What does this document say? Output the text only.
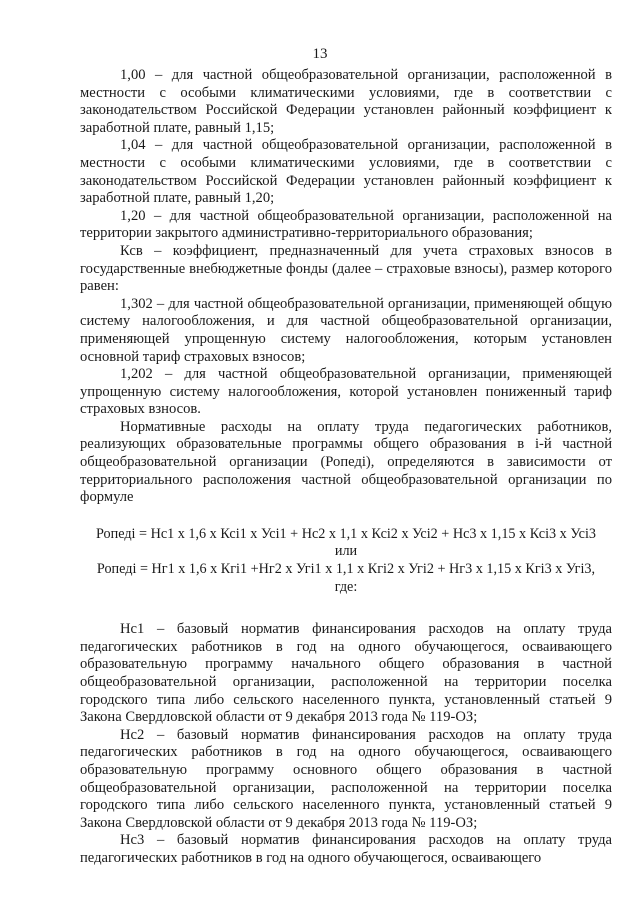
13

1,00 – для частной общеобразовательной организации, расположенной в местности с особыми климатическими условиями, где в соответствии с законодательством Российской Федерации установлен районный коэффициент к заработной плате, равный 1,15;

1,04 – для частной общеобразовательной организации, расположенной в местности с особыми климатическими условиями, где в соответствии с законодательством Российской Федерации установлен районный коэффициент к заработной плате, равный 1,20;

1,20 – для частной общеобразовательной организации, расположенной на территории закрытого административно-территориального образования;

Ксв – коэффициент, предназначенный для учета страховых взносов в государственные внебюджетные фонды (далее – страховые взносы), размер которого равен:

1,302 – для частной общеобразовательной организации, применяющей общую систему налогообложения, и для частной общеобразовательной организации, применяющей упрощенную систему налогообложения, которым установлен основной тариф страховых взносов;

1,202 – для частной общеобразовательной организации, применяющей упрощенную систему налогообложения, которой установлен пониженный тариф страховых взносов.

Нормативные расходы на оплату труда педагогических работников, реализующих образовательные программы общего образования в i-й частной общеобразовательной организации (Ропеді), определяются в зависимости от территориального расположения частной общеобразовательной организации по формуле

Ропеді = Нс1 х 1,6 х Ксі1 х Усі1 + Нс2 х 1,1 х Ксі2 х Усі2 + Нс3 х 1,15 х Ксі3 х Усі3

или

Ропеді = Нг1 х 1,6 х Кгі1 +Нг2 х Угі1 х 1,1 х Кгі2 х Угі2 + Нг3 х 1,15 х Кгі3 х Угі3,

где:

Нс1 – базовый норматив финансирования расходов на оплату труда педагогических работников в год на одного обучающегося, осваивающего образовательную программу начального общего образования в частной общеобразовательной организации, расположенной на территории поселка городского типа либо сельского населенного пункта, установленный статьей 9 Закона Свердловской области от 9 декабря 2013 года № 119-ОЗ;

Нс2 – базовый норматив финансирования расходов на оплату труда педагогических работников в год на одного обучающегося, осваивающего образовательную программу основного общего образования в частной общеобразовательной организации, расположенной на территории поселка городского типа либо сельского населенного пункта, установленный статьей 9 Закона Свердловской области от 9 декабря 2013 года № 119-ОЗ;

Нс3 – базовый норматив финансирования расходов на оплату труда педагогических работников в год на одного обучающегося, осваивающего
